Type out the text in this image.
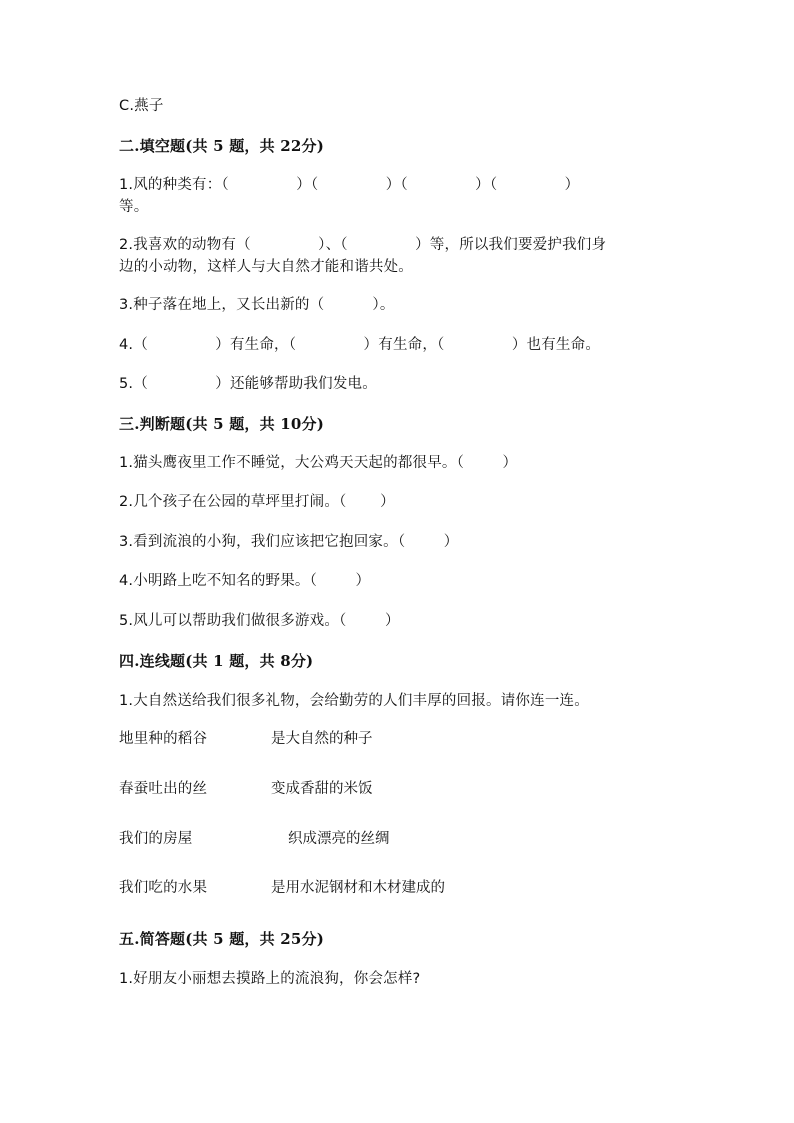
C.燕子
二.填空题(共 5 题，共 22分)
1.风的种类有：（              ）（              ）（              ）（              ）
等。
2.我喜欢的动物有（              ）、（              ）等，所以我们要爱护我们身
边的小动物，这样人与大自然才能和谐共处。
3.种子落在地上，又长出新的（          ）。
4.（              ）有生命，（              ）有生命，（              ）也有生命。
5.（              ）还能够帮助我们发电。
三.判断题(共 5 题，共 10分)
1.猫头鹰夜里工作不睡觉，大公鸡天天起的都很早。（        ）
2.几个孩子在公园的草坪里打闹。（       ）
3.看到流浪的小狗，我们应该把它抱回家。（        ）
4.小明路上吃不知名的野果。（        ）
5.风儿可以帮助我们做很多游戏。（        ）
四.连线题(共 1 题，共 8分)
1.大自然送给我们很多礼物，会给勤劳的人们丰厚的回报。请你连一连。
地里种的稻谷	是大自然的种子
春蚕吐出的丝	变成香甜的米饭
我们的房屋	织成漂亮的丝绸
我们吃的水果	是用水泥钢材和木材建成的
五.简答题(共 5 题，共 25分)
1.好朋友小丽想去摸路上的流浪狗，你会怎样?
